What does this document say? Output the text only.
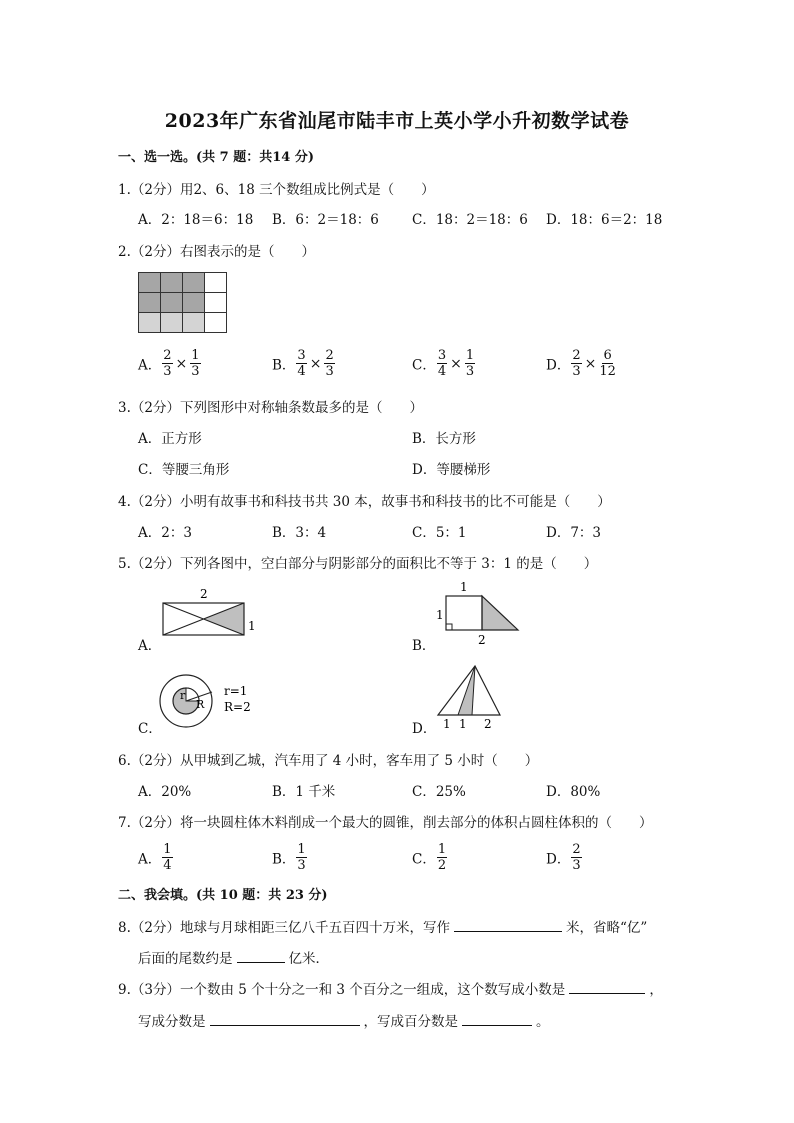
2023年广东省汕尾市陆丰市上英小学小升初数学试卷
一、选一选。(共 7 题：共14 分)
1.（2分）用2、6、18 三个数组成比例式是（　　）
A．2：18＝6：18 B．6：2＝18：6 C．18：2＝18：6 D．18：6＝2：18
2.（2分）右图表示的是（　　）
A． $\frac{2}{3} \times \frac{1}{3}$	B． $\frac{3}{4} \times \frac{2}{3}$	C． $\frac{3}{4} \times \frac{1}{3}$	D． $\frac{2}{3} \times \frac{6}{12}$
3.（2分）下列图形中对称轴条数最多的是（　　）
A．正方形	B．长方形
C．等腰三角形	D．等腰梯形
4.（2分）小明有故事书和科技书共 30 本，故事书和科技书的比不可能是（　　）
A．2：3	B．3：4	C．5：1	D．7：3
5.（2分）下列各图中，空白部分与阴影部分的面积比不等于 3：1 的是（　　）
A．
2
1
B．
1
1
2
C．
r
R
r=1
R=2
D． 1 1 2
6.（2分）从甲城到乙城，汽车用了 4 小时，客车用了 5 小时（　　）
A．20%	B．1 千米	C．25%	D．80%
7.（2分）将一块圆柱体木料削成一个最大的圆锥，削去部分的体积占圆柱体积的（　　）
A． $\frac{1}{4}$	B． $\frac{1}{3}$	C． $\frac{1}{2}$	D． $\frac{2}{3}$
二、我会填。(共 10 题：共 23 分)
8.（2分）地球与月球相距三亿八千五百四十万米，写作	米，省略“亿”
后面的尾数约是	亿米．
9.（3分）一个数由 5 个十分之一和 3 个百分之一组成，这个数写成小数是	，
写成分数是	，写成百分数是	。
